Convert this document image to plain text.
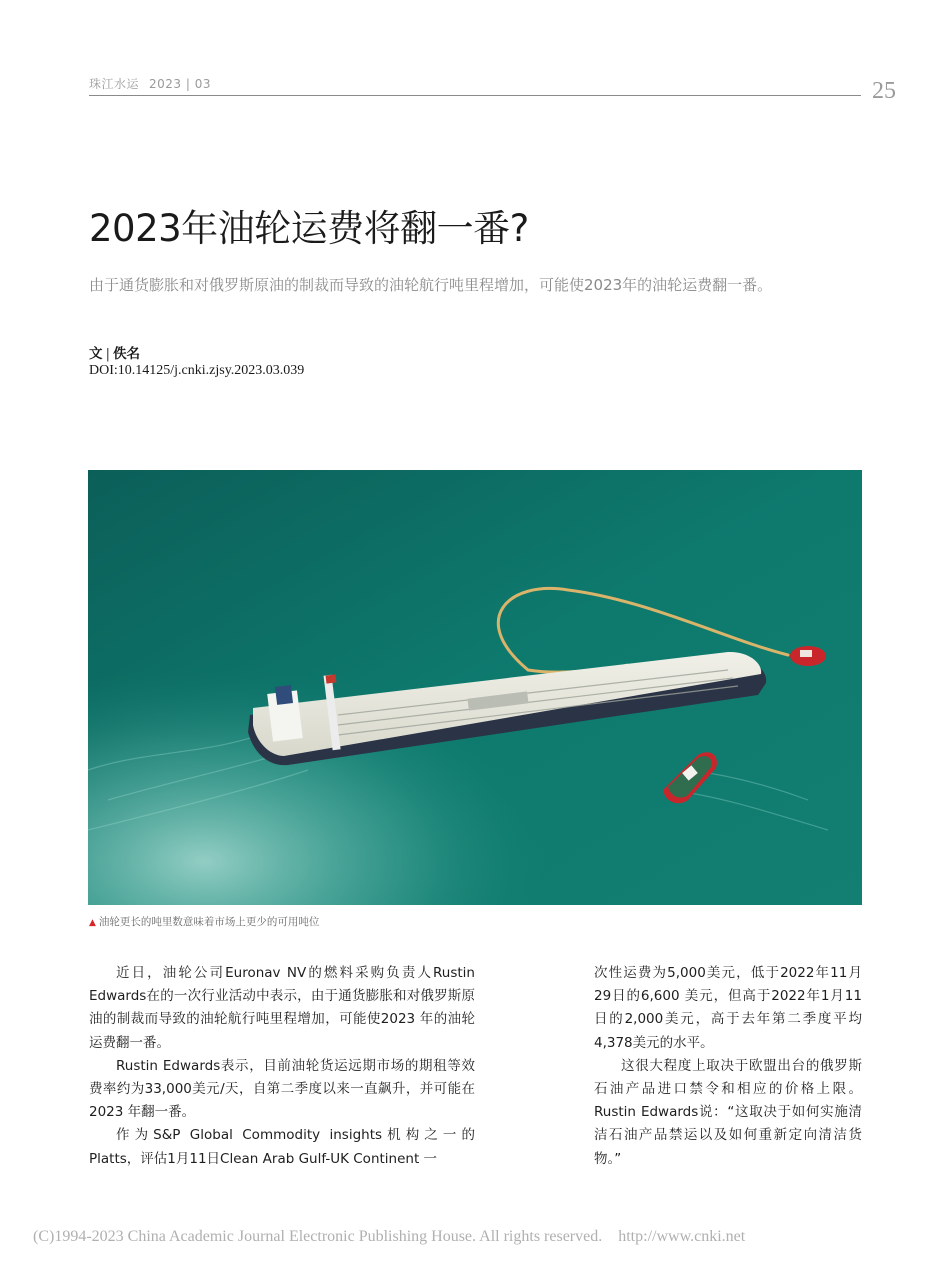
珠江水运 2023 | 03	25
2023年油轮运费将翻一番?

由于通货膨胀和对俄罗斯原油的制裁而导致的油轮航行吨里程增加，可能使2023年的油轮运费翻一番。

文 | 佚名
DOI:10.14125/j.cnki.zjsy.2023.03.039
▲ 油轮更长的吨里数意味着市场上更少的可用吨位

近日，油轮公司Euronav NV的燃料采购负责人Rustin Edwards在的一次行业活动中表示，由于通货膨胀和对俄罗斯原油的制裁而导致的油轮航行吨里程增加，可能使2023 年的油轮运费翻一番。

Rustin Edwards表示，目前油轮货运远期市场的期租等效费率约为33,000美元/天，自第二季度以来一直飙升，并可能在2023 年翻一番。

作为S&P Global Commodity insights机构之一的Platts，评估1月11日Clean Arab Gulf-UK Continent 一

次性运费为5,000美元，低于2022年11月29日的6,600 美元，但高于2022年1月11日的2,000美元，高于去年第二季度平均4,378美元的水平。

这很大程度上取决于欧盟出台的俄罗斯石油产品进口禁令和相应的价格上限。Rustin Edwards说：“这取决于如何实施清洁石油产品禁运以及如何重新定向清洁货物。”

(C)1994-2023 China Academic Journal Electronic Publishing House. All rights reserved. http://www.cnki.net
